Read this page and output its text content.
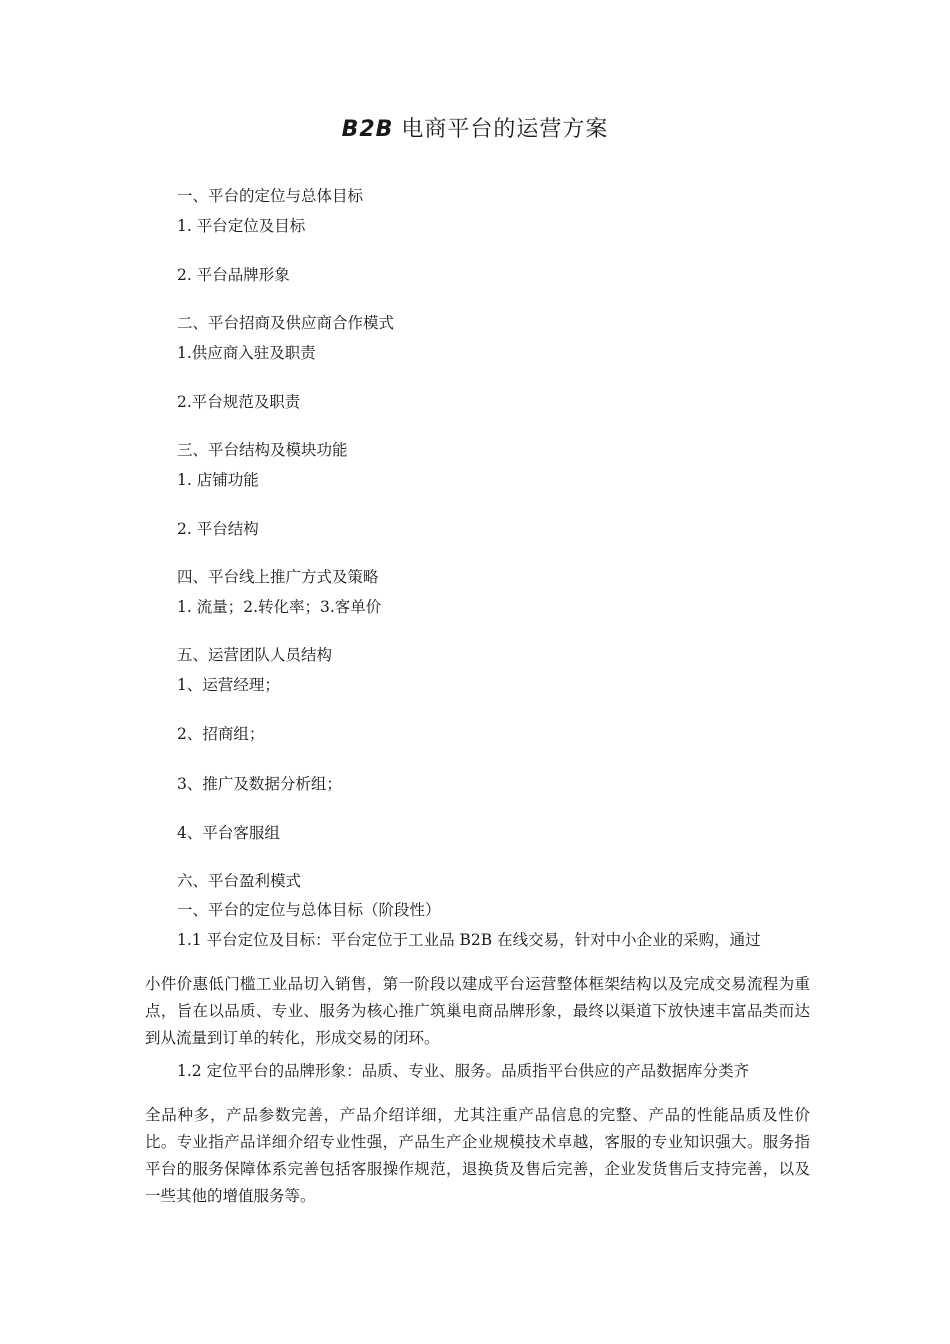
B2B 电商平台的运营方案
一、平台的定位与总体目标
1. 平台定位及目标
2. 平台品牌形象
二、平台招商及供应商合作模式
1.供应商入驻及职责
2.平台规范及职责
三、平台结构及模块功能
1. 店铺功能
2. 平台结构
四、平台线上推广方式及策略
1. 流量；2.转化率；3.客单价
五、运营团队人员结构
1、运营经理；
2、招商组；
3、推广及数据分析组；
4、平台客服组
六、平台盈利模式
一、平台的定位与总体目标（阶段性）
1.1 平台定位及目标：平台定位于工业品 B2B 在线交易，针对中小企业的采购，通过
小件价惠低门槛工业品切入销售，第一阶段以建成平台运营整体框架结构以及完成交易流程为重点，旨在以品质、专业、服务为核心推广筑巢电商品牌形象，最终以渠道下放快速丰富品类而达到从流量到订单的转化，形成交易的闭环。
1.2 定位平台的品牌形象：品质、专业、服务。品质指平台供应的产品数据库分类齐
全品种多，产品参数完善，产品介绍详细，尤其注重产品信息的完整、产品的性能品质及性价比。专业指产品详细介绍专业性强，产品生产企业规模技术卓越，客服的专业知识强大。服务指平台的服务保障体系完善包括客服操作规范，退换货及售后完善，企业发货售后支持完善，以及一些其他的增值服务等。
